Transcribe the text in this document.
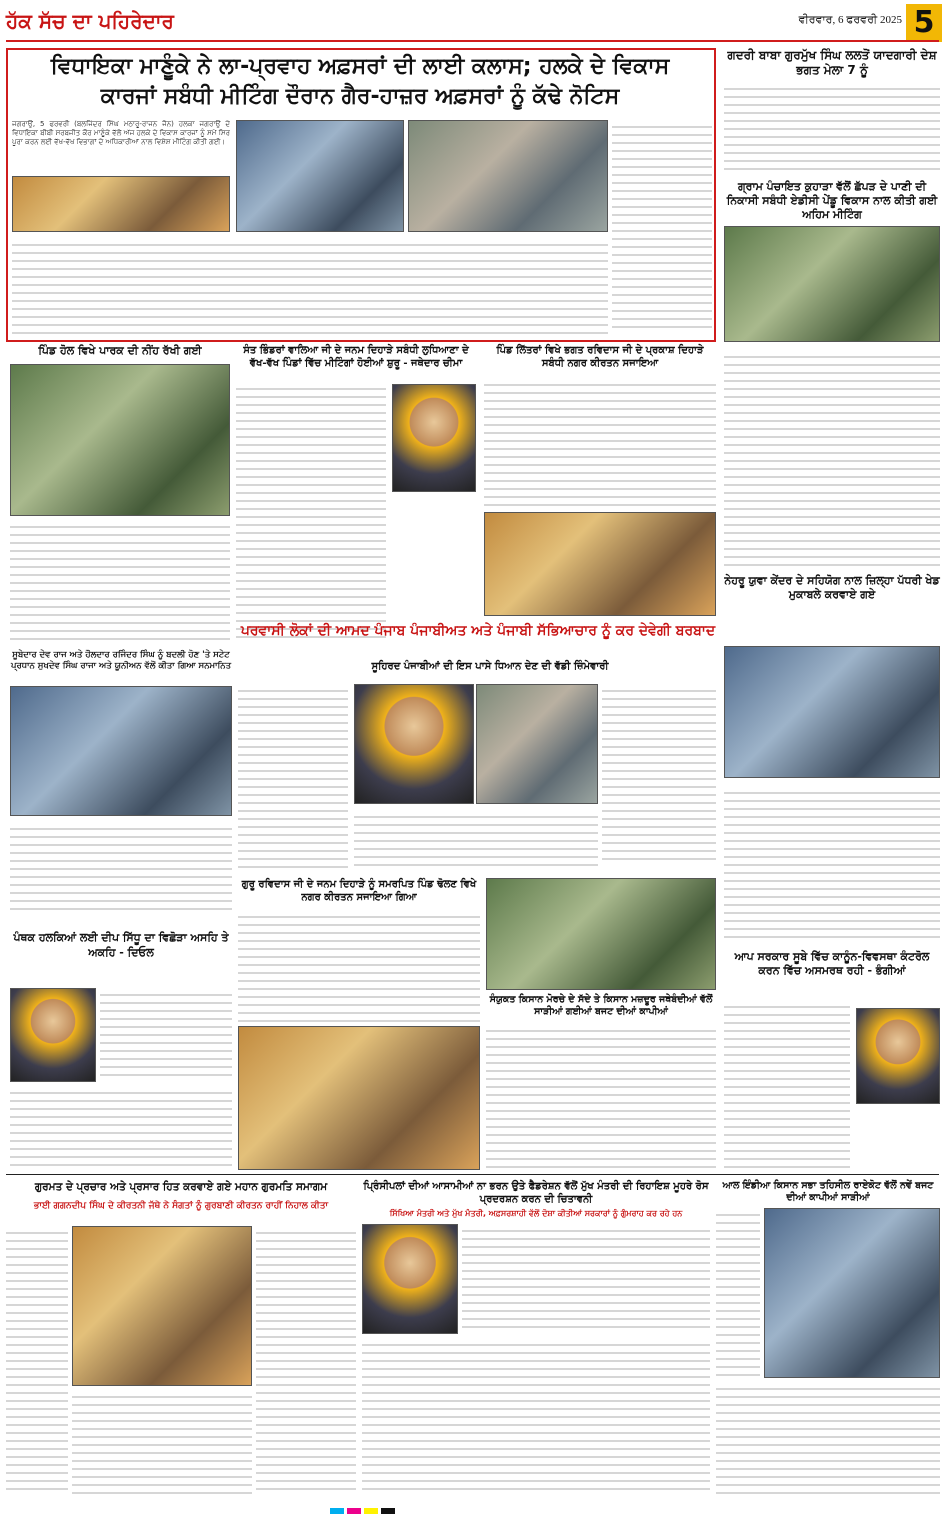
ਹੱਕ ਸੱਚ ਦਾ ਪਹਿਰੇਦਾਰ	ਵੀਰਵਾਰ, 6 ਫਰਵਰੀ 2025 5
ਵਿਧਾਇਕਾ ਮਾਣੂੰਕੇ ਨੇ ਲਾ-ਪ੍ਰਵਾਹ ਅਫ਼ਸਰਾਂ ਦੀ ਲਾਈ ਕਲਾਸ; ਹਲਕੇ ਦੇ ਵਿਕਾਸ
ਕਾਰਜਾਂ ਸਬੰਧੀ ਮੀਟਿੰਗ ਦੌਰਾਨ ਗੈਰ-ਹਾਜ਼ਰ ਅਫ਼ਸਰਾਂ ਨੂੰ ਕੱਢੇ ਨੋਟਿਸ
ਜਗਰਾਉਂ, 5 ਫਰਵਰੀ (ਬਲਜਿੰਦਰ ਸਿੰਘ ਮਠਾਰੂ-ਰਾਜਨ ਜੈਨ) ਹਲਕਾ ਜਗਰਾਉਂ ਦੇ ਵਿਧਾਇਕਾ ਬੀਬੀ ਸਰਬਜੀਤ ਕੌਰ ਮਾਣੂੰਕੇ ਵੱਲੋਂ ਅੱਜ ਹਲਕੇ ਦੇ ਵਿਕਾਸ ਕਾਰਜਾਂ ਨੂੰ ਸਮੇਂ ਸਿਰ ਪੂਰਾ ਕਰਨ ਲਈ ਵੱਖ-ਵੱਖ ਵਿਭਾਗਾਂ ਦੇ ਅਧਿਕਾਰੀਆਂ ਨਾਲ ਵਿਸ਼ੇਸ਼ ਮੀਟਿੰਗ ਕੀਤੀ ਗਈ।
ਗਦਰੀ ਬਾਬਾ ਗੁਰਮੁੱਖ ਸਿੰਘ ਲਲਤੋਂ ਯਾਦਗਾਰੀ ਦੇਸ਼ ਭਗਤ ਮੇਲਾ 7 ਨੂੰ
ਗ੍ਰਾਮ ਪੰਚਾਇਤ ਕੁਹਾੜਾ ਵੱਲੋਂ ਛੱਪੜ ਦੇ ਪਾਣੀ ਦੀ ਨਿਕਾਸੀ ਸਬੰਧੀ ਏਡੀਸੀ ਪੇਂਡੂ ਵਿਕਾਸ ਨਾਲ ਕੀਤੀ ਗਈ ਅਹਿਮ ਮੀਟਿੰਗ
ਨੇਹਰੂ ਯੁਵਾ ਕੇਂਦਰ ਦੇ ਸਹਿਯੋਗ ਨਾਲ ਜ਼ਿਲ੍ਹਾ ਪੱਧਰੀ ਖੇਡ ਮੁਕਾਬਲੇ ਕਰਵਾਏ ਗਏ
ਆਪ ਸਰਕਾਰ ਸੂਬੇ ਵਿੱਚ ਕਾਨੂੰਨ-ਵਿਵਸਥਾ ਕੰਟਰੋਲ ਕਰਨ ਵਿੱਚ ਅਸਮਰਥ ਰਹੀ - ਭੰਗੀਆਂ
ਪਿੰਡ ਹੋਲ ਵਿਖੇ ਪਾਰਕ ਦੀ ਨੀਂਹ ਰੱਖੀ ਗਈ	ਸੰਤ ਭਿੰਡਰਾਂ ਵਾਲਿਆ ਜੀ ਦੇ ਜਨਮ ਦਿਹਾੜੇ ਸਬੰਧੀ ਲੁਧਿਆਣਾ ਦੇ ਵੱਖ-ਵੱਖ ਪਿੰਡਾਂ ਵਿੱਚ ਮੀਟਿੰਗਾਂ ਹੋਈਆਂ ਸ਼ੁਰੂ - ਜਥੇਦਾਰ ਚੀਮਾ
ਪਿੰਡ ਲਿੱਤਰਾਂ ਵਿਖੇ ਭਗਤ ਰਵਿਦਾਸ ਜੀ ਦੇ ਪ੍ਰਕਾਸ਼ ਦਿਹਾੜੇ ਸਬੰਧੀ ਨਗਰ ਕੀਰਤਨ ਸਜਾਇਆ
ਸੂਬੇਦਾਰ ਦੇਵ ਰਾਜ ਅਤੇ ਹੌਲਦਾਰ ਰਜਿੰਦਰ ਸਿੰਘ ਨੂੰ ਬਦਲੀ ਹੋਣ 'ਤੇ ਸਟੇਟ ਪ੍ਰਧਾਨ ਸੁਖਦੇਵ ਸਿੰਘ ਰਾਜਾ ਅਤੇ ਯੂਨੀਅਨ ਵੱਲੋਂ ਕੀਤਾ ਗਿਆ ਸਨਮਾਨਿਤ
ਪਰਵਾਸੀ ਲੋਕਾਂ ਦੀ ਆਮਦ ਪੰਜਾਬ ਪੰਜਾਬੀਅਤ ਅਤੇ ਪੰਜਾਬੀ ਸੱਭਿਆਚਾਰ ਨੂੰ ਕਰ ਦੇਵੇਗੀ ਬਰਬਾਦ
ਸੂਹਿਰਦ ਪੰਜਾਬੀਆਂ ਦੀ ਇਸ ਪਾਸੇ ਧਿਆਨ ਦੇਣ ਦੀ ਵੱਡੀ ਜ਼ਿੰਮੇਵਾਰੀ
ਪੰਥਕ ਹਲਕਿਆਂ ਲਈ ਦੀਪ ਸਿੱਧੂ ਦਾ ਵਿਛੋੜਾ ਅਸਹਿ ਤੇ ਅਕਹਿ - ਦਿਓਲ
ਗੁਰੂ ਰਵਿਦਾਸ ਜੀ ਦੇ ਜਨਮ ਦਿਹਾੜੇ ਨੂੰ ਸਮਰਪਿਤ ਪਿੰਡ ਢੋਲਣ ਵਿਖੇ ਨਗਰ ਕੀਰਤਨ ਸਜਾਇਆ ਗਿਆ
ਸੰਯੁਕਤ ਕਿਸਾਨ ਮੋਰਚੇ ਦੇ ਸੱਦੇ ਤੇ ਕਿਸਾਨ ਮਜ਼ਦੂਰ ਜਥੇਬੰਦੀਆਂ ਵੱਲੋਂ ਸਾੜੀਆਂ ਗਈਆਂ ਬਜਟ ਦੀਆਂ ਕਾਪੀਆਂ
ਗੁਰਮਤ ਦੇ ਪ੍ਰਚਾਰ ਅਤੇ ਪ੍ਰਸਾਰ ਹਿਤ ਕਰਵਾਏ ਗਏ ਮਹਾਨ ਗੁਰਮਤਿ ਸਮਾਗਮ
ਭਾਈ ਗਗਨਦੀਪ ਸਿੰਘ ਦੇ ਕੀਰਤਨੀ ਜੱਥੇ ਨੇ ਸੰਗਤਾਂ ਨੂੰ ਗੁਰਬਾਣੀ ਕੀਰਤਨ ਰਾਹੀਂ ਨਿਹਾਲ ਕੀਤਾ
ਪ੍ਰਿੰਸੀਪਲਾਂ ਦੀਆਂ ਆਸਾਮੀਆਂ ਨਾ ਭਰਨ ਉਤੇ ਫੈਡਰੇਸ਼ਨ ਵੱਲੋਂ ਮੁੱਖ ਮੰਤਰੀ ਦੀ ਰਿਹਾਇਸ਼ ਮੂਹਰੇ ਰੋਸ ਪ੍ਰਦਰਸ਼ਨ ਕਰਨ ਦੀ ਚਿਤਾਵਨੀ
ਸਿੱਖਿਆ ਮੰਤਰੀ ਅਤੇ ਮੁੱਖ ਮੰਤਰੀ, ਅਫ਼ਸਰਸ਼ਾਹੀ ਵੱਲੋਂ ਦੋਸ਼ਾ ਕੀਤੀਆਂ ਸਰਕਾਰਾਂ ਨੂੰ ਗੁੰਮਰਾਹ ਕਰ ਰਹੇ ਹਨ
ਆਲ ਇੰਡੀਆ ਕਿਸਾਨ ਸਭਾ ਤਹਿਸੀਲ ਰਾਏਕੋਟ ਵੱਲੋਂ ਨਵੇਂ ਬਜਟ ਦੀਆਂ ਕਾਪੀਆਂ ਸਾੜੀਆਂ
